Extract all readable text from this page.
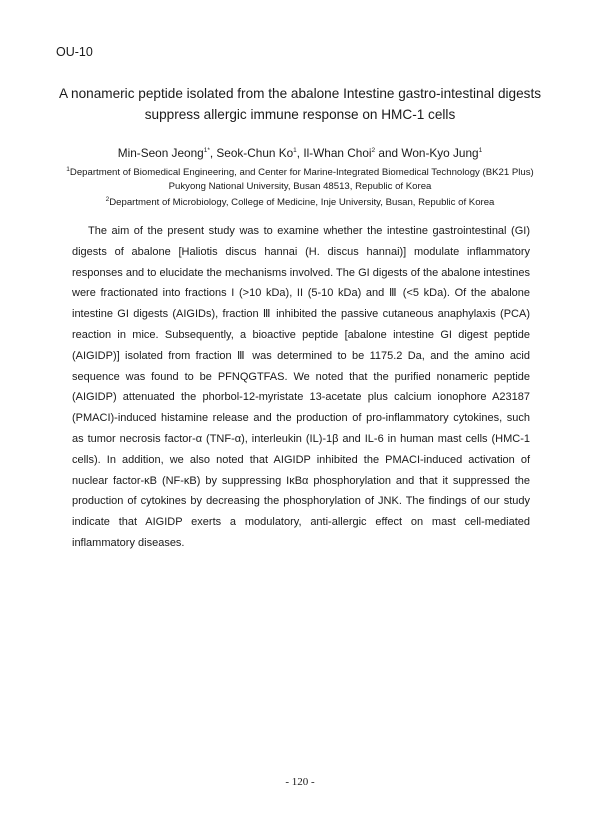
OU-10
A nonameric peptide isolated from the abalone Intestine gastro-intestinal digests
suppress allergic immune response on HMC-1 cells
Min-Seon Jeong$^{1*}$, Seok-Chun Ko$^1$, Il-Whan Choi$^2$ and Won-Kyo Jung$^1$
$^1$Department of Biomedical Engineering, and Center for Marine-Integrated Biomedical Technology (BK21 Plus)
Pukyong National University, Busan 48513, Republic of Korea
$^2$Department of Microbiology, College of Medicine, Inje University, Busan, Republic of Korea

The aim of the present study was to examine whether the intestine gastrointestinal (GI) digests of abalone [Haliotis discus hannai (H. discus hannai)] modulate inflammatory responses and to elucidate the mechanisms involved. The GI digests of the abalone intestines were fractionated into fractions I (>10 kDa), II (5-10 kDa) and Ⅲ (<5 kDa). Of the abalone intestine GI digests (AIGIDs), fraction Ⅲ inhibited the passive cutaneous anaphylaxis (PCA) reaction in mice. Subsequently, a bioactive peptide [abalone intestine GI digest peptide (AIGIDP)] isolated from fraction Ⅲ was determined to be 1175.2 Da, and the amino acid sequence was found to be PFNQGTFAS. We noted that the purified nonameric peptide (AIGIDP) attenuated the phorbol-12-myristate 13-acetate plus calcium ionophore A23187 (PMACI)-induced histamine release and the production of pro-inflammatory cytokines, such as tumor necrosis factor-α (TNF-α), interleukin (IL)-1β and IL-6 in human mast cells (HMC-1 cells). In addition, we also noted that AIGIDP inhibited the PMACI-induced activation of nuclear factor-κB (NF-κB) by suppressing IκBα phosphorylation and that it suppressed the production of cytokines by decreasing the phosphorylation of JNK. The findings of our study indicate that AIGIDP exerts a modulatory, anti-allergic effect on mast cell-mediated inflammatory diseases.

- 120 -
